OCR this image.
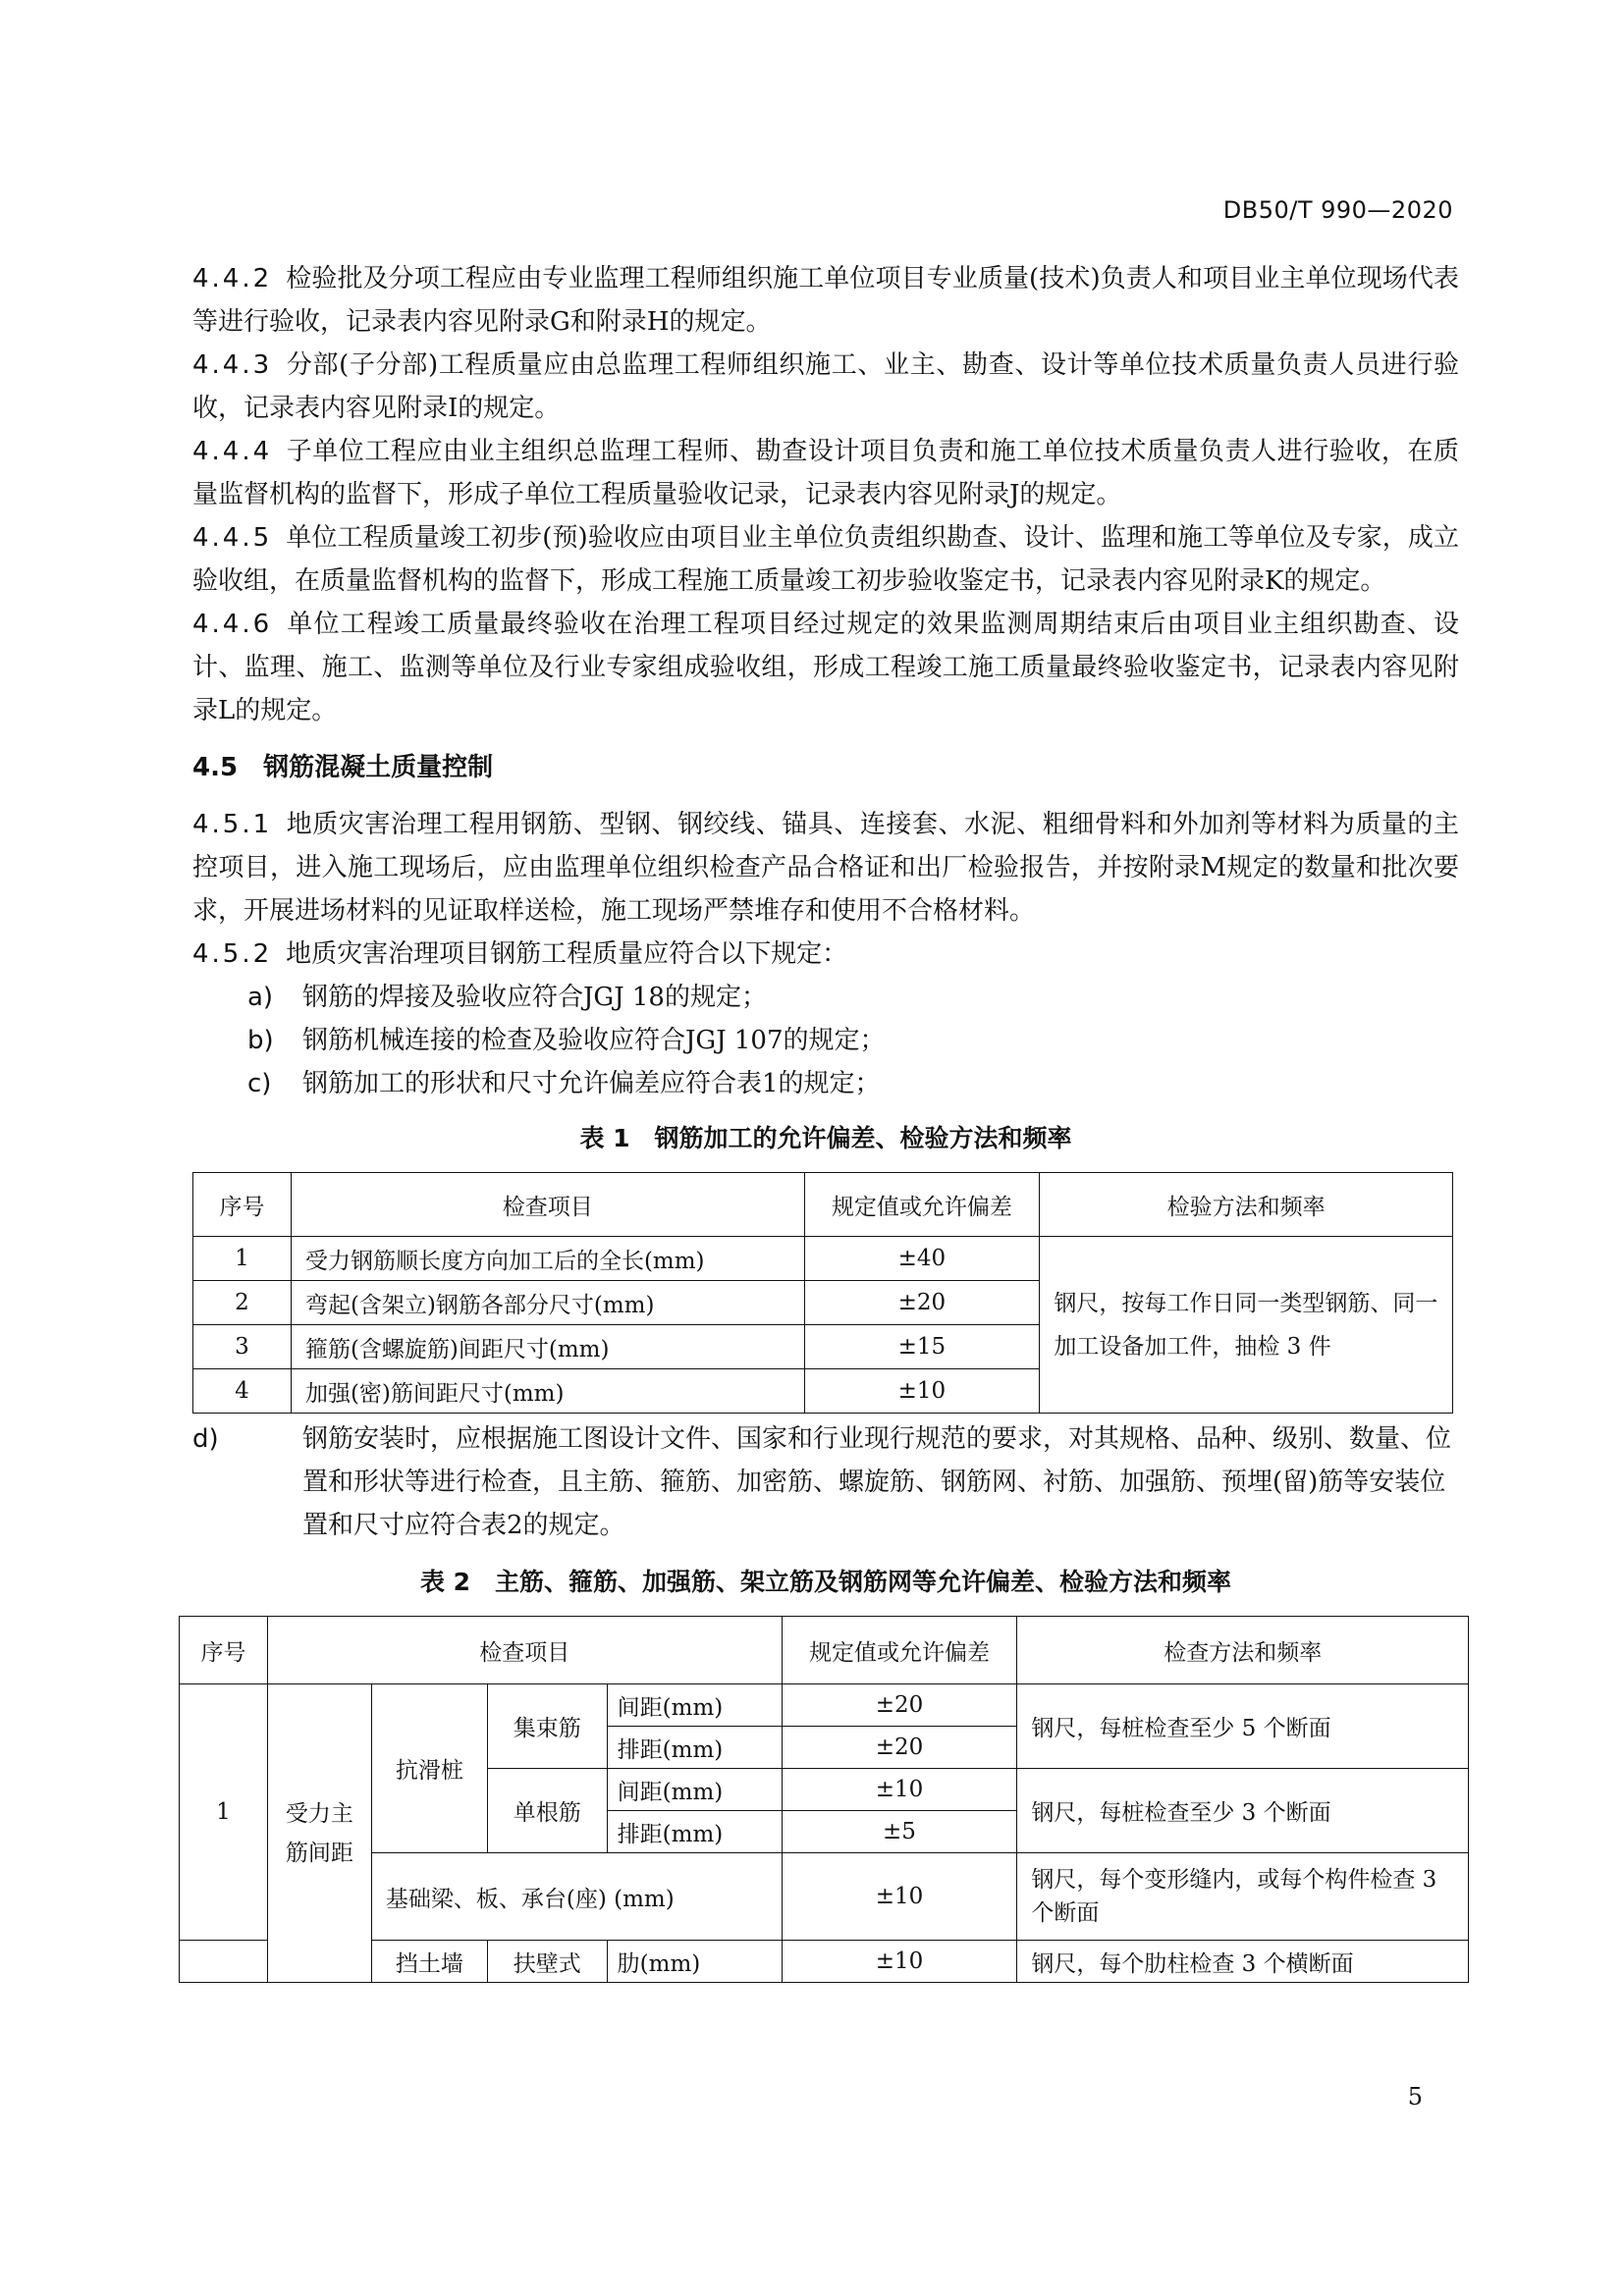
DB50/T 990—2020

4.4.2 检验批及分项工程应由专业监理工程师组织施工单位项目专业质量(技术)负责人和项目业主单位现场代表等进行验收，记录表内容见附录G和附录H的规定。

4.4.3 分部(子分部)工程质量应由总监理工程师组织施工、业主、勘查、设计等单位技术质量负责人员进行验收，记录表内容见附录I的规定。

4.4.4 子单位工程应由业主组织总监理工程师、勘查设计项目负责和施工单位技术质量负责人进行验收，在质量监督机构的监督下，形成子单位工程质量验收记录，记录表内容见附录J的规定。

4.4.5 单位工程质量竣工初步(预)验收应由项目业主单位负责组织勘查、设计、监理和施工等单位及专家，成立验收组，在质量监督机构的监督下，形成工程施工质量竣工初步验收鉴定书，记录表内容见附录K的规定。

4.4.6 单位工程竣工质量最终验收在治理工程项目经过规定的效果监测周期结束后由项目业主组织勘查、设计、监理、施工、监测等单位及行业专家组成验收组，形成工程竣工施工质量最终验收鉴定书，记录表内容见附录L的规定。

4.5 钢筋混凝土质量控制

4.5.1 地质灾害治理工程用钢筋、型钢、钢绞线、锚具、连接套、水泥、粗细骨料和外加剂等材料为质量的主控项目，进入施工现场后，应由监理单位组织检查产品合格证和出厂检验报告，并按附录M规定的数量和批次要求，开展进场材料的见证取样送检，施工现场严禁堆存和使用不合格材料。

4.5.2 地质灾害治理项目钢筋工程质量应符合以下规定：

a) 钢筋的焊接及验收应符合JGJ 18的规定；
b) 钢筋机械连接的检查及验收应符合JGJ 107的规定；
c) 钢筋加工的形状和尺寸允许偏差应符合表1的规定；
表 1　钢筋加工的允许偏差、检验方法和频率
序号	检查项目	规定值或允许偏差	检验方法和频率
1	受力钢筋顺长度方向加工后的全长(mm)	±40	钢尺，按每工作日同一类型钢筋、同一加工设备加工件，抽检 3 件
2	弯起(含架立)钢筋各部分尺寸(mm)	±20	
3	箍筋(含螺旋筋)间距尺寸(mm)	±15	
4	加强(密)筋间距尺寸(mm)	±10	
d)	钢筋安装时，应根据施工图设计文件、国家和行业现行规范的要求，对其规格、品种、级别、数量、位置和形状等进行检查，且主筋、箍筋、加密筋、螺旋筋、钢筋网、衬筋、加强筋、预埋(留)筋等安装位置和尺寸应符合表2的规定。
表 2　主筋、箍筋、加强筋、架立筋及钢筋网等允许偏差、检验方法和频率
序号	检查项目				规定值或允许偏差	检查方法和频率
1	受力主筋间距	抗滑桩	集束筋	间距(mm)	±20	钢尺，每桩检查至少 5 个断面
				排距(mm)	±20	
			单根筋	间距(mm)	±10	钢尺，每桩检查至少 3 个断面
				排距(mm)	±5	
		基础梁、板、承台(座) (mm)			±10	钢尺，每个变形缝内，或每个构件检查 3 个断面
		挡土墙	扶壁式	肋(mm)	±10	钢尺，每个肋柱检查 3 个横断面
5
